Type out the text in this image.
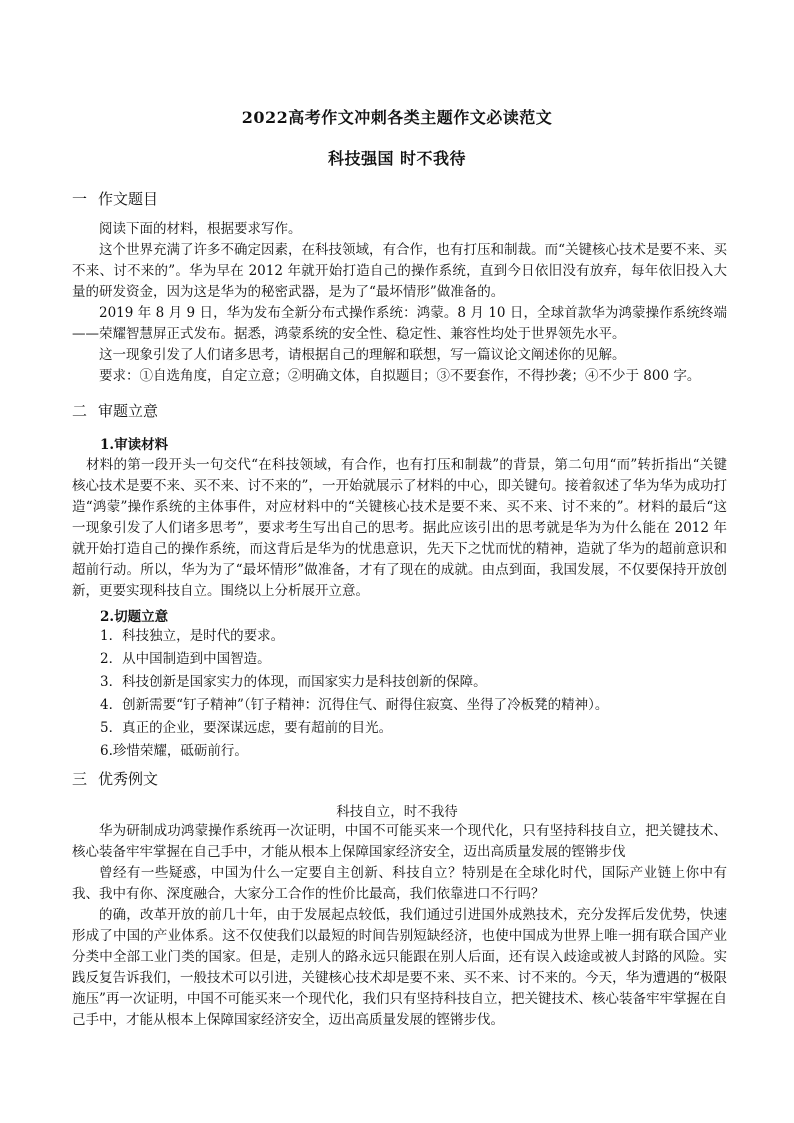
2022高考作文冲刺各类主题作文必读范文
科技强国 时不我待
一 作文题目
阅读下面的材料，根据要求写作。
这个世界充满了许多不确定因素，在科技领域，有合作，也有打压和制裁。而“关键核心技术是要不来、买不来、讨不来的”。华为早在 2012 年就开始打造自己的操作系统，直到今日依旧没有放弃，每年依旧投入大量的研发资金，因为这是华为的秘密武器，是为了“最坏情形”做准备的。
2019 年 8 月 9 日，华为发布全新分布式操作系统：鸿蒙。8 月 10 日，全球首款华为鸿蒙操作系统终端——荣耀智慧屏正式发布。据悉，鸿蒙系统的安全性、稳定性、兼容性均处于世界领先水平。
这一现象引发了人们诸多思考，请根据自己的理解和联想，写一篇议论文阐述你的见解。
要求：①自选角度，自定立意；②明确文体，自拟题目；③不要套作，不得抄袭；④不少于 800 字。
二 审题立意
1.审读材料
材料的第一段开头一句交代“在科技领域，有合作，也有打压和制裁”的背景，第二句用“而”转折指出“关键核心技术是要不来、买不来、讨不来的”，一开始就展示了材料的中心，即关键句。接着叙述了华为华为成功打造“鸿蒙”操作系统的主体事件，对应材料中的“关键核心技术是要不来、买不来、讨不来的”。材料的最后“这一现象引发了人们诸多思考”，要求考生写出自己的思考。据此应该引出的思考就是华为为什么能在 2012 年就开始打造自己的操作系统，而这背后是华为的忧患意识，先天下之忧而忧的精神，造就了华为的超前意识和超前行动。所以，华为为了“最坏情形”做准备，才有了现在的成就。由点到面，我国发展，不仅要保持开放创新，更要实现科技自立。围绕以上分析展开立意。
2.切题立意
1．科技独立，是时代的要求。
2．从中国制造到中国智造。
3．科技创新是国家实力的体现，而国家实力是科技创新的保障。
4．创新需要“钉子精神”（钉子精神：沉得住气、耐得住寂寞、坐得了冷板凳的精神）。
5．真正的企业，要深谋远虑，要有超前的目光。
6.珍惜荣耀，砥砺前行。
三 优秀例文
科技自立，时不我待
华为研制成功鸿蒙操作系统再一次证明，中国不可能买来一个现代化，只有坚持科技自立，把关键技术、核心装备牢牢掌握在自己手中，才能从根本上保障国家经济安全，迈出高质量发展的铿锵步伐
曾经有一些疑惑，中国为什么一定要自主创新、科技自立？特别是在全球化时代，国际产业链上你中有我、我中有你、深度融合，大家分工合作的性价比最高，我们依靠进口不行吗？
的确，改革开放的前几十年，由于发展起点较低，我们通过引进国外成熟技术，充分发挥后发优势，快速形成了中国的产业体系。这不仅使我们以最短的时间告别短缺经济，也使中国成为世界上唯一拥有联合国产业分类中全部工业门类的国家。但是，走别人的路永远只能跟在别人后面，还有误入歧途或被人封路的风险。实践反复告诉我们，一般技术可以引进，关键核心技术却是要不来、买不来、讨不来的。今天，华为遭遇的“极限施压”再一次证明，中国不可能买来一个现代化，我们只有坚持科技自立，把关键技术、核心装备牢牢掌握在自己手中，才能从根本上保障国家经济安全，迈出高质量发展的铿锵步伐。
